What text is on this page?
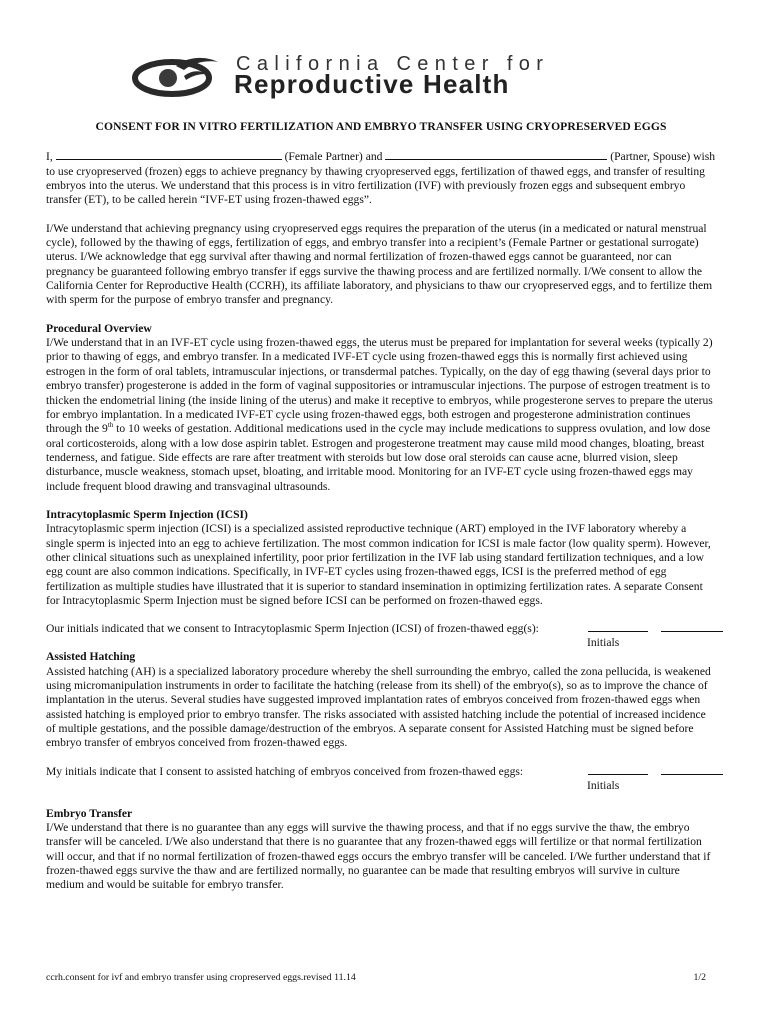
California Center for
Reproductive Health
CONSENT FOR IN VITRO FERTILIZATION AND EMBRYO TRANSFER USING CRYOPRESERVED EGGS

I,	(Female Partner) and	(Partner, Spouse) wish to use cryopreserved (frozen) eggs to achieve pregnancy by thawing cryopreserved eggs, fertilization of thawed eggs, and transfer of resulting embryos into the uterus. We understand that this process is in vitro fertilization (IVF) with previously frozen eggs and subsequent embryo transfer (ET), to be called herein “IVF-ET using frozen-thawed eggs”.

I/We understand that achieving pregnancy using cryopreserved eggs requires the preparation of the uterus (in a medicated or natural menstrual cycle), followed by the thawing of eggs, fertilization of eggs, and embryo transfer into a recipient’s (Female Partner or gestational surrogate) uterus. I/We acknowledge that egg survival after thawing and normal fertilization of frozen-thawed eggs cannot be guaranteed, nor can pregnancy be guaranteed following embryo transfer if eggs survive the thawing process and are fertilized normally. I/We consent to allow the California Center for Reproductive Health (CCRH), its affiliate laboratory, and physicians to thaw our cryopreserved eggs, and to fertilize them with sperm for the purpose of embryo transfer and pregnancy.

Procedural Overview
I/We understand that in an IVF-ET cycle using frozen-thawed eggs, the uterus must be prepared for implantation for several weeks (typically 2) prior to thawing of eggs, and embryo transfer. In a medicated IVF-ET cycle using frozen-thawed eggs this is normally first achieved using estrogen in the form of oral tablets, intramuscular injections, or transdermal patches. Typically, on the day of egg thawing (several days prior to embryo transfer) progesterone is added in the form of vaginal suppositories or intramuscular injections. The purpose of estrogen treatment is to thicken the endometrial lining (the inside lining of the uterus) and make it receptive to embryos, while progesterone serves to prepare the uterus for embryo implantation. In a medicated IVF-ET cycle using frozen-thawed eggs, both estrogen and progesterone administration continues through the 9th to 10 weeks of gestation. Additional medications used in the cycle may include medications to suppress ovulation, and low dose oral corticosteroids, along with a low dose aspirin tablet. Estrogen and progesterone treatment may cause mild mood changes, bloating, breast tenderness, and fatigue. Side effects are rare after treatment with steroids but low dose oral steroids can cause acne, blurred vision, sleep disturbance, muscle weakness, stomach upset, bloating, and irritable mood. Monitoring for an IVF-ET cycle using frozen-thawed eggs may include frequent blood drawing and transvaginal ultrasounds.

Intracytoplasmic Sperm Injection (ICSI)
Intracytoplasmic sperm injection (ICSI) is a specialized assisted reproductive technique (ART) employed in the IVF laboratory whereby a single sperm is injected into an egg to achieve fertilization. The most common indication for ICSI is male factor (low quality sperm). However, other clinical situations such as unexplained infertility, poor prior fertilization in the IVF lab using standard fertilization techniques, and a low egg count are also common indications. Specifically, in IVF-ET cycles using frozen-thawed eggs, ICSI is the preferred method of egg fertilization as multiple studies have illustrated that it is superior to standard insemination in optimizing fertilization rates. A separate Consent for Intracytoplasmic Sperm Injection must be signed before ICSI can be performed on frozen-thawed eggs.

Our initials indicated that we consent to Intracytoplasmic Sperm Injection (ICSI) of frozen-thawed egg(s):
Initials

Assisted Hatching
Assisted hatching (AH) is a specialized laboratory procedure whereby the shell surrounding the embryo, called the zona pellucida, is weakened using micromanipulation instruments in order to facilitate the hatching (release from its shell) of the embryo(s), so as to improve the chance of implantation in the uterus. Several studies have suggested improved implantation rates of embryos conceived from frozen-thawed eggs when assisted hatching is employed prior to embryo transfer. The risks associated with assisted hatching include the potential of increased incidence of multiple gestations, and the possible damage/destruction of the embryos. A separate consent for Assisted Hatching must be signed before embryo transfer of embryos conceived from frozen-thawed eggs.

My initials indicate that I consent to assisted hatching of embryos conceived from frozen-thawed eggs:
Initials

Embryo Transfer
I/We understand that there is no guarantee than any eggs will survive the thawing process, and that if no eggs survive the thaw, the embryo transfer will be canceled. I/We also understand that there is no guarantee that any frozen-thawed eggs will fertilize or that normal fertilization will occur, and that if no normal fertilization of frozen-thawed eggs occurs the embryo transfer will be canceled. I/We further understand that if frozen-thawed eggs survive the thaw and are fertilized normally, no guarantee can be made that resulting embryos will survive in culture medium and would be suitable for embryo transfer.

ccrh.consent for ivf and embryo transfer using cropreserved eggs.revised 11.14	1/2
